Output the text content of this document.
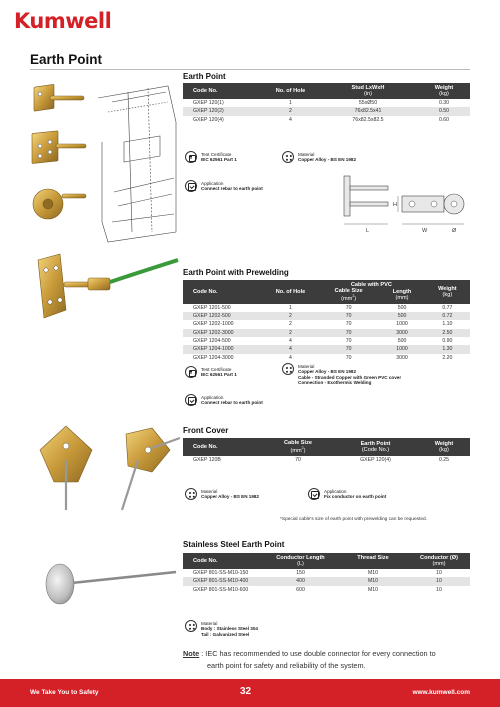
Kumwell
Earth Point
Earth Point
Code No.	No. of Hole	Stud LxWxH
(in)	Weight
(kg)
GXEP 120(1)	1	55xØ50	0.30
GXEP 120(2)	2	76x82.5x41	0.50
GXEP 120(4)	4	76x82.5x82.5	0.60
Test Certificate
IEC 62561 Part 1
Material
Copper Alloy - BS EN 1982
Application
Connect rebar to earth point
L	W
H
Ø
Earth Point with Prewelding
Code No.	No. of Hole	Cable with PVC		Weight
(kg)
		Cable Size
$(mm^2)$	Length
(mm)	
GXEP 1201-500	1	70	500	0.77
GXEP 1202-500	2	70	500	0.72
GXEP 1202-1000	2	70	1000	1.10
GXEP 1202-3000	2	70	3000	2.50
GXEP 1204-500	4	70	500	0.90
GXEP 1204-1000	4	70	1000	1.30
GXEP 1204-3000	4	70	3000	2.20
Test Certificate
IEC 62561 Part 1
Material
Copper Alloy - BS EN 1982
Cable - Stranded Copper with Green PVC cover
Connection - Exothermic Welding
Application
Connect rebar to earth point
Front Cover
Code No.	Cable Size
$(mm^2)$	Earth Point
(Code No.)	Weight
(kg)
GXEP 120B	70	GXEP 120(4)	0.25
Material
Copper Alloy - BS EN 1982
Application
Fix conductor on earth point
*Special cable's size of earth point with prewelding can be requested.
Stainless Steel Earth Point
Code No.	Conductor Length
(L)	Thread Size	Conductor (Ø)
(mm)
GXEP 801-SS-M10-150	150	M10	10
GXEP 801-SS-M10-400	400	M10	10
GXEP 801-SS-M10-600	600	M10	10
Material
Body : Stainless Steel 304
Tail : Galvanized Steel
Note : IEC has recommended to use double connector for every connection to
earth point for safety and reliability of the system.
We Take You to Safety	32	www.kumwell.com
